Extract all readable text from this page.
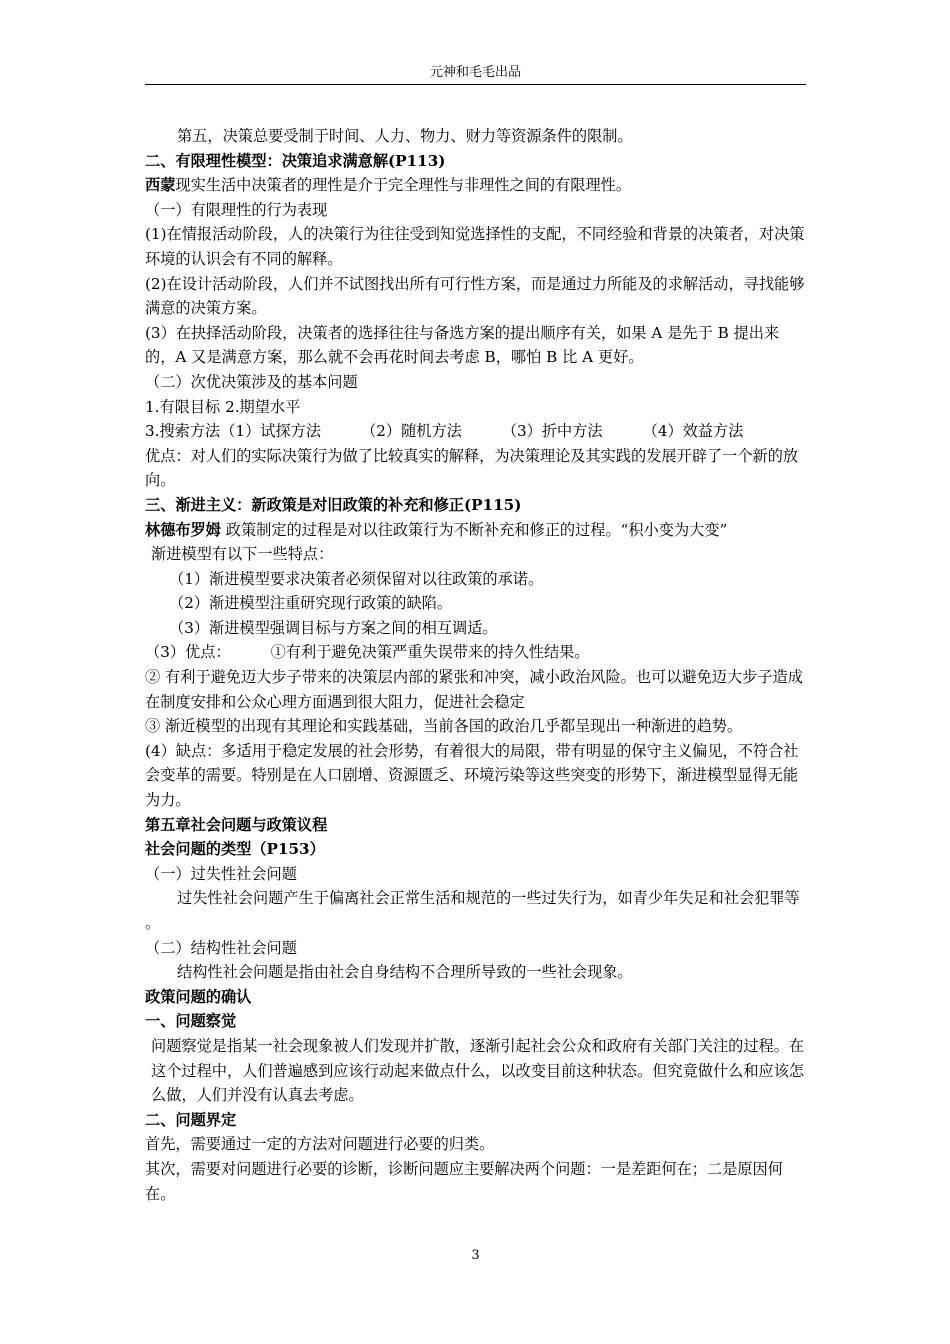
元神和毛毛出品

第五，决策总要受制于时间、人力、物力、财力等资源条件的限制。

二、有限理性模型：决策追求满意解(P113)

西蒙现实生活中决策者的理性是介于完全理性与非理性之间的有限理性。

（一）有限理性的行为表现

(1)在情报活动阶段，人的决策行为往往受到知觉选择性的支配，不同经验和背景的决策者，对决策环境的认识会有不同的解释。

(2)在设计活动阶段，人们并不试图找出所有可行性方案，而是通过力所能及的求解活动，寻找能够满意的决策方案。

(3）在抉择活动阶段，决策者的选择往往与备选方案的提出顺序有关，如果 A 是先于 B 提出来的，A 又是满意方案，那么就不会再花时间去考虑 B，哪怕 B 比 A 更好。

（二）次优决策涉及的基本问题

1.有限目标 2.期望水平

3.搜索方法（1）试探方法	（2）随机方法	（3）折中方法	（4）效益方法

优点：对人们的实际决策行为做了比较真实的解释，为决策理论及其实践的发展开辟了一个新的放向。

三、渐进主义：新政策是对旧政策的补充和修正(P115)

林德布罗姆 政策制定的过程是对以往政策行为不断补充和修正的过程。“积小变为大变”

渐进模型有以下一些特点：

（1）渐进模型要求决策者必须保留对以往政策的承诺。

（2）渐进模型注重研究现行政策的缺陷。

（3）渐进模型强调目标与方案之间的相互调适。

（3）优点：	①有利于避免决策严重失误带来的持久性结果。

② 有利于避免迈大步子带来的决策层内部的紧张和冲突，减小政治风险。也可以避免迈大步子造成在制度安排和公众心理方面遇到很大阻力，促进社会稳定

③ 渐近模型的出现有其理论和实践基础，当前各国的政治几乎都呈现出一种渐进的趋势。

(4）缺点：多适用于稳定发展的社会形势，有着很大的局限，带有明显的保守主义偏见，不符合社会变革的需要。特别是在人口剧增、资源匮乏、环境污染等这些突变的形势下，渐进模型显得无能为力。

第五章社会问题与政策议程

社会问题的类型（P153）

（一）过失性社会问题

过失性社会问题产生于偏离社会正常生活和规范的一些过失行为，如青少年失足和社会犯罪等 。

（二）结构性社会问题

结构性社会问题是指由社会自身结构不合理所导致的一些社会现象。

政策问题的确认

一、问题察觉

问题察觉是指某一社会现象被人们发现并扩散，逐渐引起社会公众和政府有关部门关注的过程。在这个过程中，人们普遍感到应该行动起来做点什么，以改变目前这种状态。但究竟做什么和应该怎么做，人们并没有认真去考虑。

二、问题界定

首先，需要通过一定的方法对问题进行必要的归类。

其次，需要对问题进行必要的诊断，诊断问题应主要解决两个问题：一是差距何在；二是原因何在。

3
